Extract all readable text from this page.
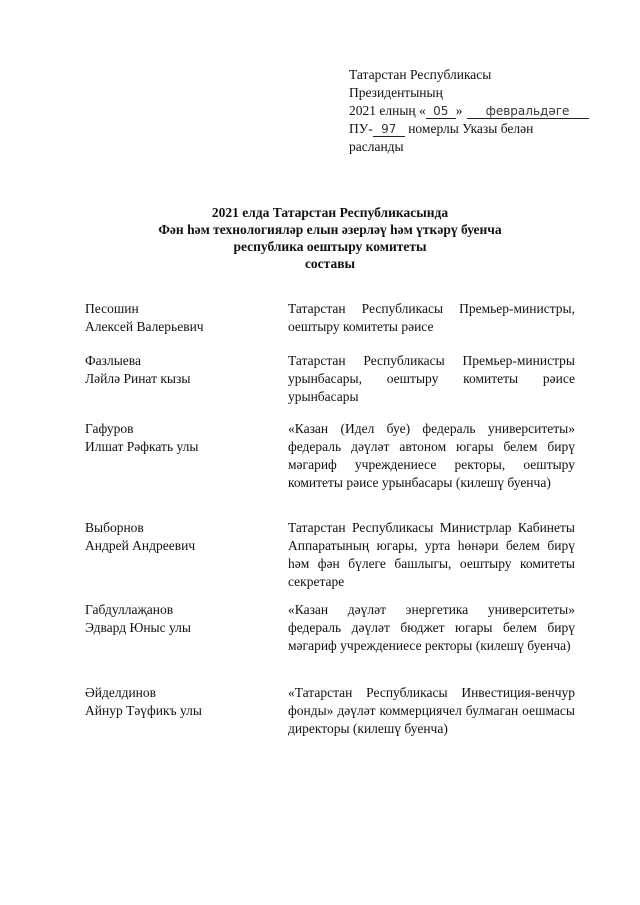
Татарстан Республикасы
Президентының
2021 елның « 05 » февральдәге
ПУ- 97 номерлы Указы белән
расланды
2021 елда Татарстан Республикасында
Фән һәм технологияләр елын әзерләү һәм үткәрү буенча
республика оештыру комитеты
составы
Песошин
Алексей Валерьевич
Татарстан Республикасы Премьер-министры, оештыру комитеты рәисе
Фазлыева
Ләйлә Ринат кызы
Татарстан Республикасы Премьер-министры урынбасары, оештыру комитеты рәисе урынбасары
Гафуров
Илшат Рәфкать улы
«Казан (Идел буе) федераль университеты» федераль дәүләт автоном югары белем бирү мәгариф учреждениесе ректоры, оештыру комитеты рәисе урынбасары (килешү буенча)
Выборнов
Андрей Андреевич
Татарстан Республикасы Министрлар Кабинеты Аппаратының югары, урта һөнәри белем бирү һәм фән бүлеге башлыгы, оештыру комитеты секретаре
Габдуллаҗанов
Эдвард Юныс улы
«Казан дәүләт энергетика университеты» федераль дәүләт бюджет югары белем бирү мәгариф учреждениесе ректоры (килешү буенча)
Әйделдинов
Айнур Тәүфикъ улы
«Татарстан Республикасы Инвестиция-венчур фонды» дәүләт коммерциячел булмаган оешмасы директоры (килешү буенча)
